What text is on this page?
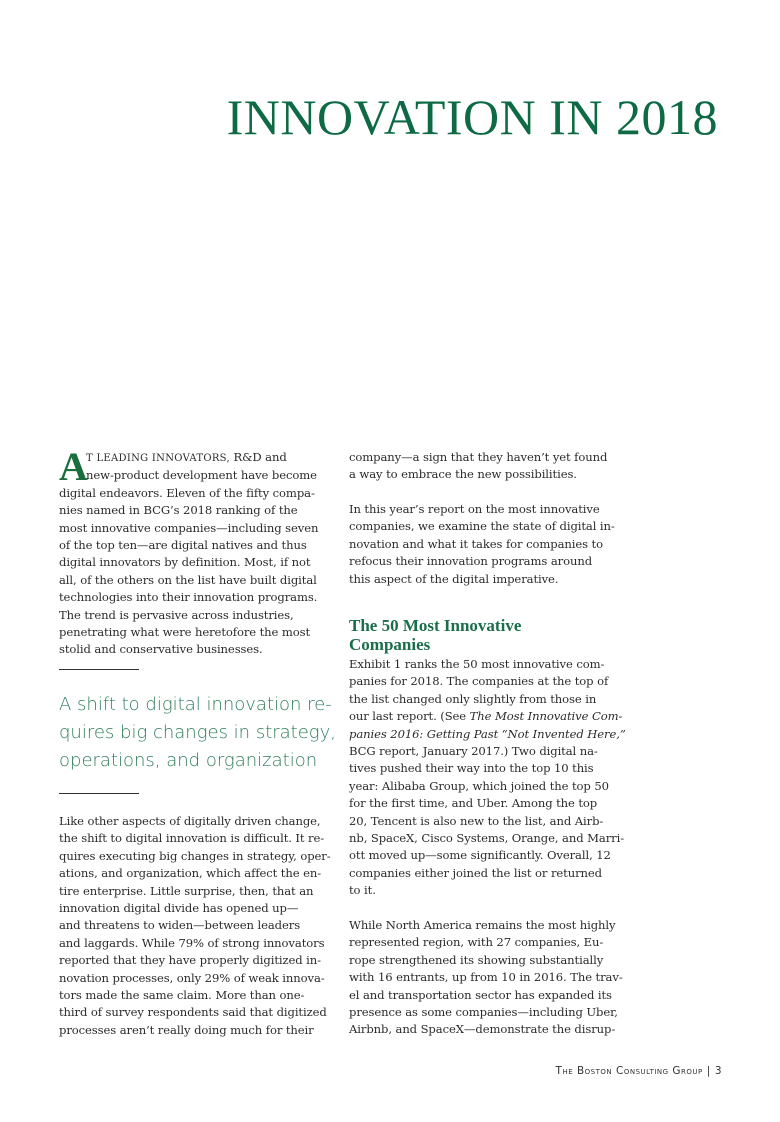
INNOVATION IN 2018
A
T LEADING INNOVATORS, R&D and
new-product development have become
digital endeavors. Eleven of the fifty compa-
nies named in BCG’s 2018 ranking of the
most innovative companies—including seven
of the top ten—are digital natives and thus
digital innovators by definition. Most, if not
all, of the others on the list have built digital
technologies into their innovation programs.
The trend is pervasive across industries,
penetrating what were heretofore the most
stolid and conservative businesses.
A shift to digital innovation re-
quires big changes in strategy,
operations, and organization
Like other aspects of digitally driven change,
the shift to digital innovation is difficult. It re-
quires executing big changes in strategy, oper-
ations, and organization, which affect the en-
tire enterprise. Little surprise, then, that an
innovation digital divide has opened up—
and threatens to widen—between leaders
and laggards. While 79% of strong innovators
reported that they have properly digitized in-
novation processes, only 29% of weak innova-
tors made the same claim. More than one-
third of survey respondents said that digitized
processes aren’t really doing much for their
company—a sign that they haven’t yet found
a way to embrace the new possibilities.
In this year’s report on the most innovative
companies, we examine the state of digital in-
novation and what it takes for companies to
refocus their innovation programs around
this aspect of the digital imperative.
The 50 Most Innovative
Companies
Exhibit 1 ranks the 50 most innovative com-
panies for 2018. The companies at the top of
the list changed only slightly from those in
our last report. (See The Most Innovative Com-
panies 2016: Getting Past “Not Invented Here,”
BCG report, January 2017.) Two digital na-
tives pushed their way into the top 10 this
year: Alibaba Group, which joined the top 50
for the first time, and Uber. Among the top
20, Tencent is also new to the list, and Airb-
nb, SpaceX, Cisco Systems, Orange, and Marri-
ott moved up—some significantly. Overall, 12
companies either joined the list or returned
to it.
While North America remains the most highly
represented region, with 27 companies, Eu-
rope strengthened its showing substantially
with 16 entrants, up from 10 in 2016. The trav-
el and transportation sector has expanded its
presence as some companies—including Uber,
Airbnb, and SpaceX—demonstrate the disrup-
The Boston Consulting Group | 3
